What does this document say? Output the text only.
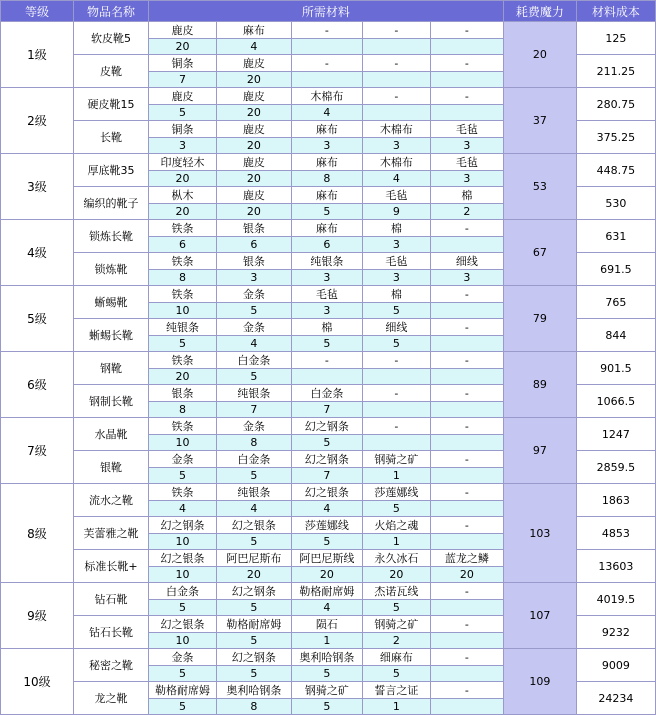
等级	物品名称	所需材料					耗费魔力	材料成本
1级	软皮靴5	鹿皮	麻布	-	-	-	20	125
		20	4					
	皮靴	铜条	鹿皮	-	-	-		211.25
		7	20					
2级	硬皮靴15	鹿皮	鹿皮	木棉布	-	-	37	280.75
		5	20	4				
	长靴	铜条	鹿皮	麻布	木棉布	毛毡		375.25
		3	20	3	3	3		
3级	厚底靴35	印度轻木	鹿皮	麻布	木棉布	毛毡	53	448.75
		20	20	8	4	3		
	编织的靴子	枞木	鹿皮	麻布	毛毡	棉		530
		20	20	5	9	2		
4级	锁炼长靴	铁条	银条	麻布	棉	-	67	631
		6	6	6	3			
	锁炼靴	铁条	银条	纯银条	毛毡	细线		691.5
		8	3	3	3	3		
5级	蜥蜴靴	铁条	金条	毛毡	棉	-	79	765
		10	5	3	5			
	蜥蜴长靴	纯银条	金条	棉	细线	-		844
		5	4	5	5			
6级	钢靴	铁条	白金条	-	-	-	89	901.5
		20	5					
	钢制长靴	银条	纯银条	白金条	-	-		1066.5
		8	7	7				
7级	水晶靴	铁条	金条	幻之钢条	-	-	97	1247
		10	8	5				
	银靴	金条	白金条	幻之钢条	钢骑之矿	-		2859.5
		5	5	7	1			
8级	流水之靴	铁条	纯银条	幻之银条	莎莲娜线	-	103	1863
		4	4	4	5			
	芙蕾雅之靴	幻之钢条	幻之银条	莎莲娜线	火焰之魂	-		4853
		10	5	5	1			
	标准长靴+	幻之银条	阿巴尼斯布	阿巴尼斯线	永久冰石	蓝龙之鳞		13603
		10	20	20	20	20		
9级	钻石靴	白金条	幻之钢条	勒格耐席姆	杰诺瓦线	-	107	4019.5
		5	5	4	5			
	钻石长靴	幻之银条	勒格耐席姆	陨石	钢骑之矿	-		9232
		10	5	1	2			
10级	秘密之靴	金条	幻之钢条	奥利哈钢条	细麻布	-	109	9009
		5	5	5	5			
	龙之靴	勒格耐席姆	奥利哈钢条	钢骑之矿	誓言之证	-		24234
		5	8	5	1			
